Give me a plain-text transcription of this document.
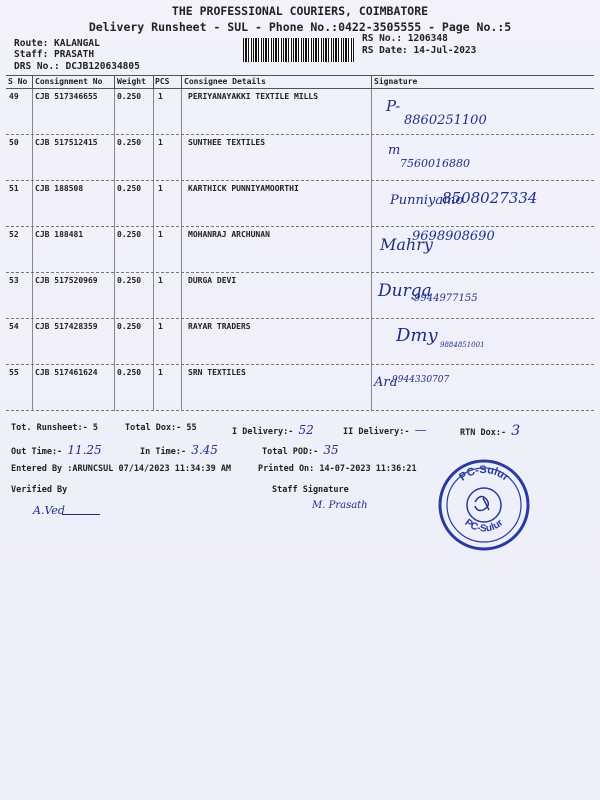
THE PROFESSIONAL COURIERS, COIMBATORE
Delivery Runsheet - SUL - Phone No.:0422-3505555 - Page No.:5
Route: KALANGAL
Staff: PRASATH
DRS No.: DCJB120634805
RS No.: 1206348
RS Date: 14-Jul-2023
S No Consignment No Weight PCS Consignee Details	Signature
49 CJB 517346655 0.250 1	PERIYANAYAKKI TEXTILE MILLS
P-
8860251100
50 CJB 517512415 0.250 1	SUNTHEE TEXTILES
m
7560016880
51 CJB 188508	0.250 1	KARTHICK PUNNIYAMOORTHI
Punniyamo
8508027334
52 CJB 188481	0.250 1	MOHANRAJ ARCHUNAN
Mahry
9698908690
53 CJB 517520969 0.250 1	DURGA DEVI
Durga
9944977155
54 CJB 517428359 0.250 1	RAYAR TRADERS	Dmy 9884851001
55 CJB 517461624 0.250 1	SRN TEXTILES
Ara
9944330707
Tot. Runsheet:- 5	Total Dox:- 55	I Delivery:- 52	II Delivery:- —	RTN Dox:- 3
Out Time:- 11.25	In Time:- 3.45	Total POD:- 35
Entered By :ARUNCSUL 07/14/2023 11:34:39 AM	Printed On: 14-07-2023 11:36:21
Verified By
A.Ved
Staff Signature
M. Prasath
PC-Sulur
PC-Sulur
